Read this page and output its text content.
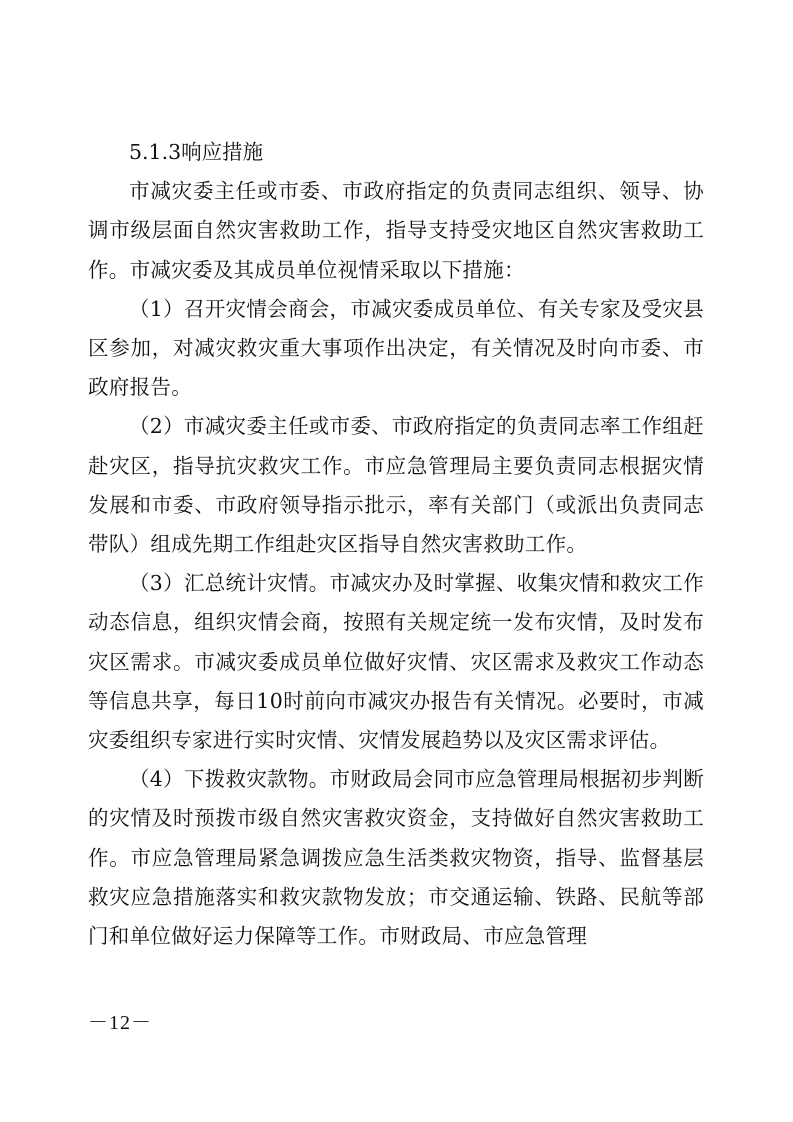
5.1.3响应措施

市减灾委主任或市委、市政府指定的负责同志组织、领导、协调市级层面自然灾害救助工作，指导支持受灾地区自然灾害救助工作。市减灾委及其成员单位视情采取以下措施：

（1）召开灾情会商会，市减灾委成员单位、有关专家及受灾县区参加，对减灾救灾重大事项作出决定，有关情况及时向市委、市政府报告。

（2）市减灾委主任或市委、市政府指定的负责同志率工作组赶赴灾区，指导抗灾救灾工作。市应急管理局主要负责同志根据灾情发展和市委、市政府领导指示批示，率有关部门（或派出负责同志带队）组成先期工作组赴灾区指导自然灾害救助工作。

（3）汇总统计灾情。市减灾办及时掌握、收集灾情和救灾工作动态信息，组织灾情会商，按照有关规定统一发布灾情，及时发布灾区需求。市减灾委成员单位做好灾情、灾区需求及救灾工作动态等信息共享，每日10时前向市减灾办报告有关情况。必要时，市减灾委组织专家进行实时灾情、灾情发展趋势以及灾区需求评估。

（4）下拨救灾款物。市财政局会同市应急管理局根据初步判断的灾情及时预拨市级自然灾害救灾资金，支持做好自然灾害救助工作。市应急管理局紧急调拨应急生活类救灾物资，指导、监督基层救灾应急措施落实和救灾款物发放；市交通运输、铁路、民航等部门和单位做好运力保障等工作。市财政局、市应急管理

－12－
